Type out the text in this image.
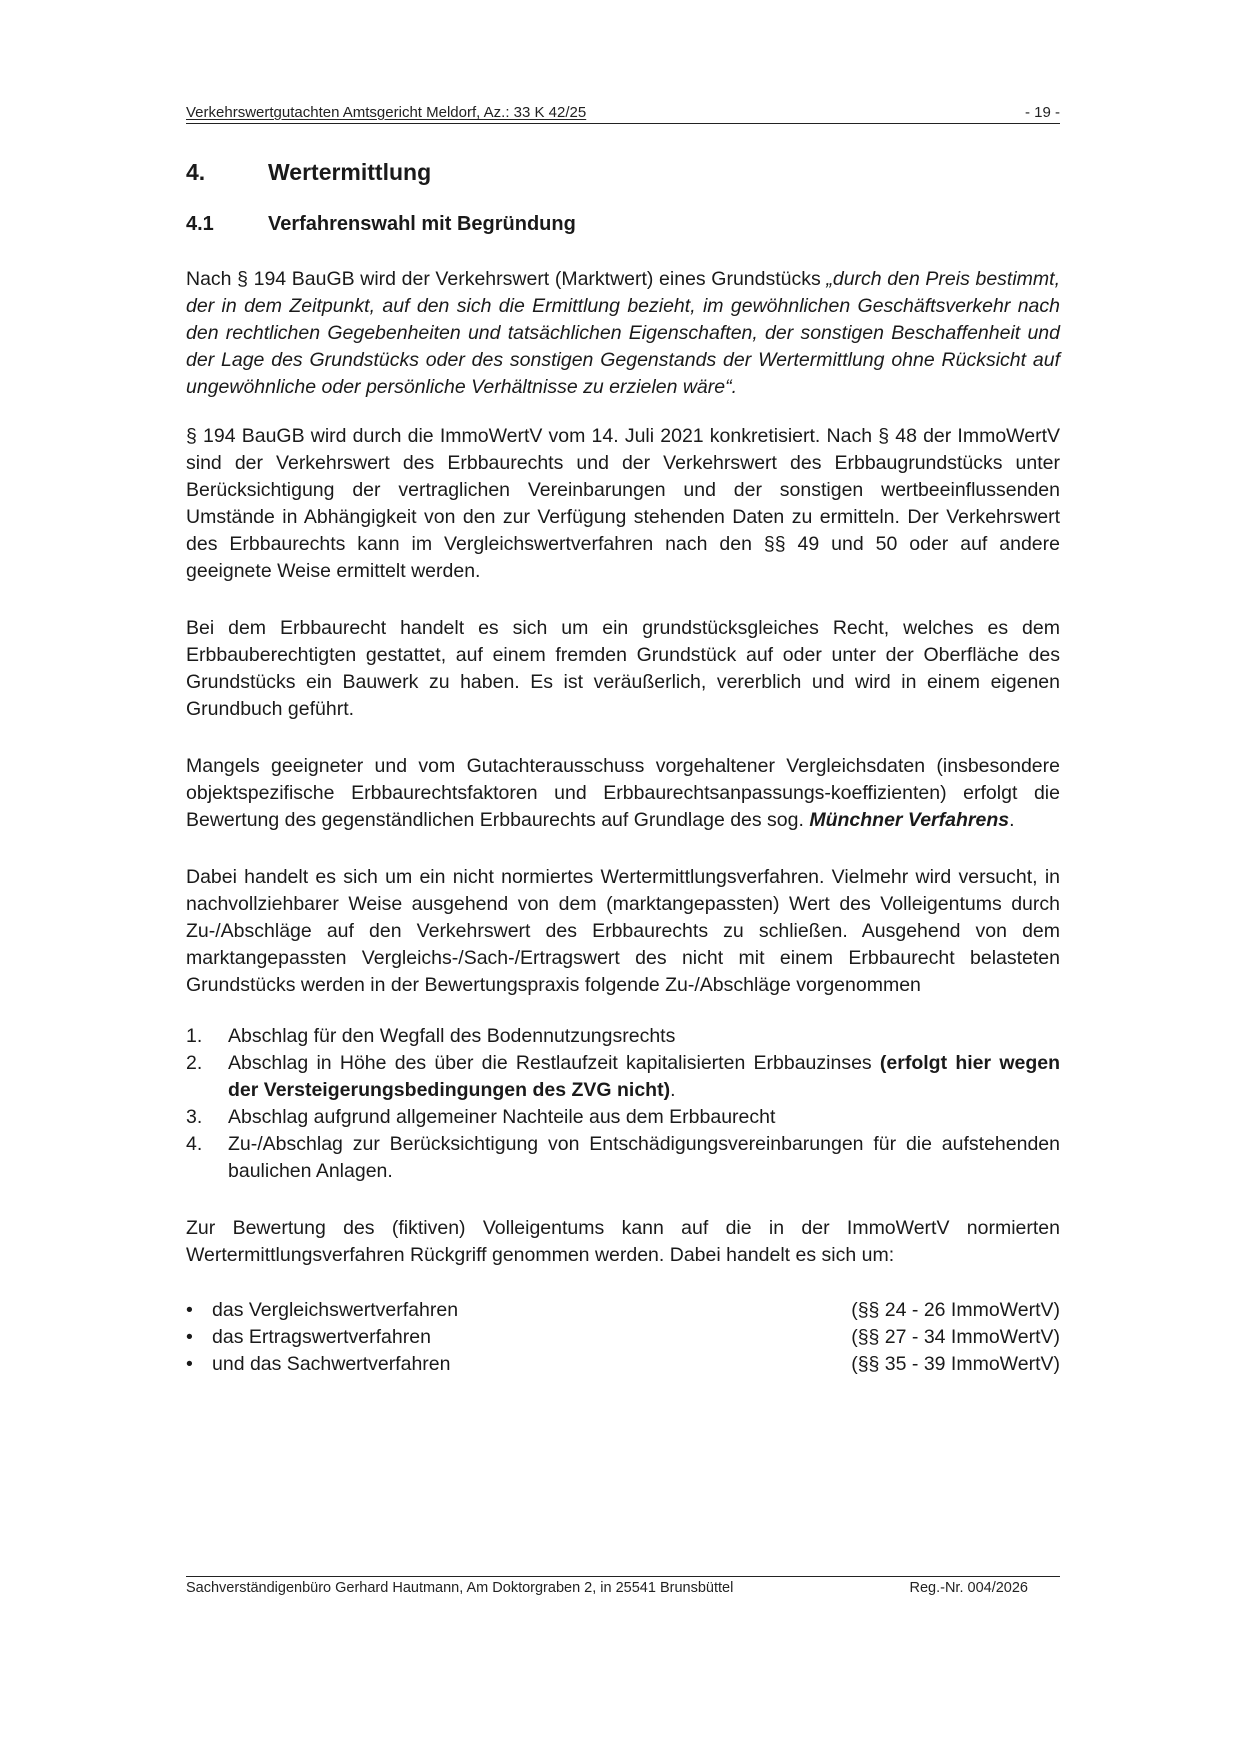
Verkehrswertgutachten Amtsgericht Meldorf, Az.: 33 K 42/25	- 19 -
4.	Wertermittlung
4.1	Verfahrenswahl mit Begründung

Nach § 194 BauGB wird der Verkehrswert (Marktwert) eines Grundstücks „durch den Preis bestimmt, der in dem Zeitpunkt, auf den sich die Ermittlung bezieht, im gewöhnlichen Geschäftsverkehr nach den rechtlichen Gegebenheiten und tatsächlichen Eigenschaften, der sonstigen Beschaffenheit und der Lage des Grundstücks oder des sonstigen Gegenstands der Wertermittlung ohne Rücksicht auf ungewöhnliche oder persönliche Verhältnisse zu erzielen wäre“.

§ 194 BauGB wird durch die ImmoWertV vom 14. Juli 2021 konkretisiert. Nach § 48 der ImmoWertV sind der Verkehrswert des Erbbaurechts und der Verkehrswert des Erbbaugrundstücks unter Berücksichtigung der vertraglichen Vereinbarungen und der sonstigen wertbeeinflussenden Umstände in Abhängigkeit von den zur Verfügung stehenden Daten zu ermitteln. Der Verkehrswert des Erbbaurechts kann im Vergleichswertverfahren nach den §§ 49 und 50 oder auf andere geeignete Weise ermittelt werden.

Bei dem Erbbaurecht handelt es sich um ein grundstücksgleiches Recht, welches es dem Erbbauberechtigten gestattet, auf einem fremden Grundstück auf oder unter der Oberfläche des Grundstücks ein Bauwerk zu haben. Es ist veräußerlich, vererblich und wird in einem eigenen Grundbuch geführt.

Mangels geeigneter und vom Gutachterausschuss vorgehaltener Vergleichsdaten (insbesondere objektspezifische Erbbaurechtsfaktoren und Erbbaurechtsanpassungs-koeffizienten) erfolgt die Bewertung des gegenständlichen Erbbaurechts auf Grundlage des sog. Münchner Verfahrens.

Dabei handelt es sich um ein nicht normiertes Wertermittlungsverfahren. Vielmehr wird versucht, in nachvollziehbarer Weise ausgehend von dem (marktangepassten) Wert des Volleigentums durch Zu-/Abschläge auf den Verkehrswert des Erbbaurechts zu schließen. Ausgehend von dem marktangepassten Vergleichs-/Sach-/Ertragswert des nicht mit einem Erbbaurecht belasteten Grundstücks werden in der Bewertungspraxis folgende Zu-/Abschläge vorgenommen

1.	Abschlag für den Wegfall des Bodennutzungsrechts
2.	Abschlag in Höhe des über die Restlaufzeit kapitalisierten Erbbauzinses (erfolgt hier wegen der Versteigerungsbedingungen des ZVG nicht).
3.	Abschlag aufgrund allgemeiner Nachteile aus dem Erbbaurecht
4.	Zu-/Abschlag zur Berücksichtigung von Entschädigungsvereinbarungen für die aufstehenden baulichen Anlagen.

Zur Bewertung des (fiktiven) Volleigentums kann auf die in der ImmoWertV normierten Wertermittlungsverfahren Rückgriff genommen werden. Dabei handelt es sich um:

• das Vergleichswertverfahren	(§§ 24 - 26 ImmoWertV)
• das Ertragswertverfahren	(§§ 27 - 34 ImmoWertV)
• und das Sachwertverfahren	(§§ 35 - 39 ImmoWertV)
Sachverständigenbüro Gerhard Hautmann, Am Doktorgraben 2, in 25541 Brunsbüttel	Reg.-Nr. 004/2026
